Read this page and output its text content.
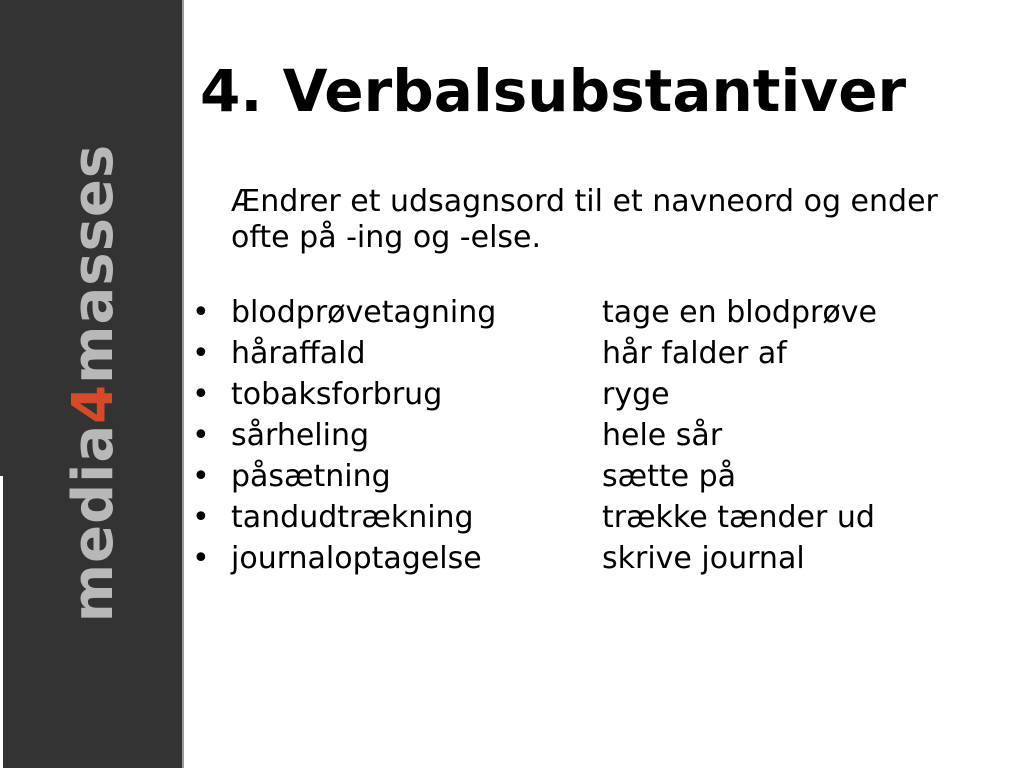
media4masses
4. Verbalsubstantiver

Ændrer et udsagnsord til et navneord og ender ofte på -ing og -else.

• blodprøvetagning	tage en blodprøve
• håraffald	hår falder af
• tobaksforbrug	ryge
• sårheling	hele sår
• påsætning	sætte på
• tandudtrækning	trække tænder ud
• journaloptagelse	skrive journal
